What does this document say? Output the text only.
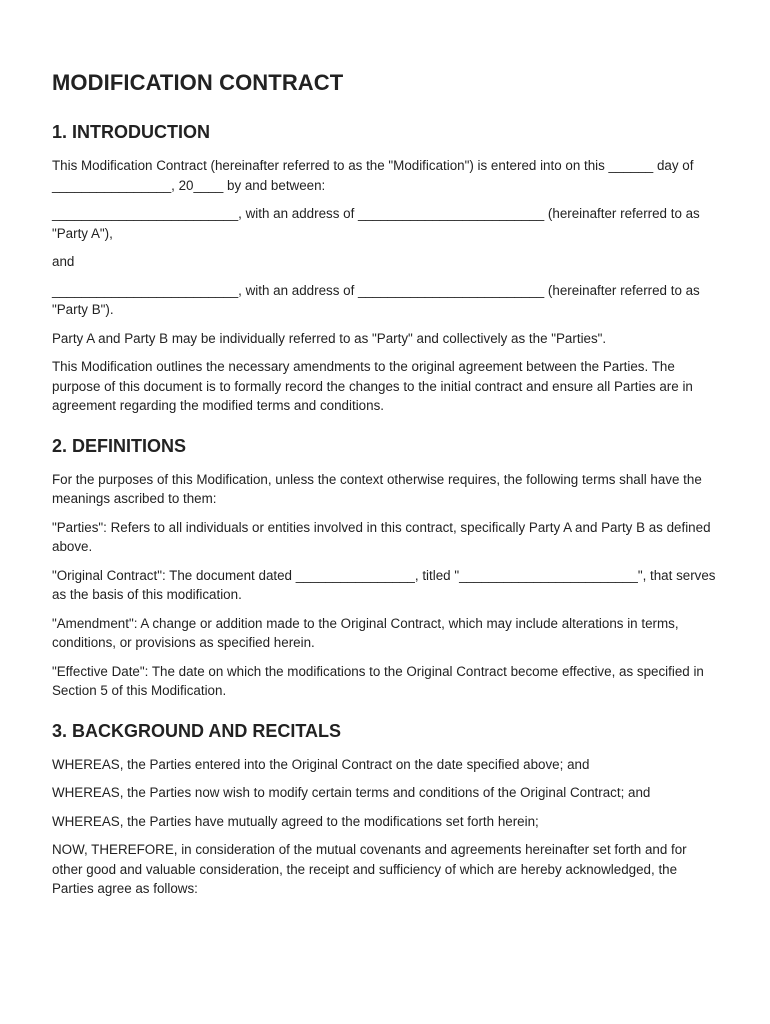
MODIFICATION CONTRACT
1. INTRODUCTION

This Modification Contract (hereinafter referred to as the "Modification") is entered into on this ______ day of ________________, 20____ by and between:

_________________________, with an address of _________________________ (hereinafter referred to as "Party A"),

and

_________________________, with an address of _________________________ (hereinafter referred to as "Party B").

Party A and Party B may be individually referred to as "Party" and collectively as the "Parties".

This Modification outlines the necessary amendments to the original agreement between the Parties. The purpose of this document is to formally record the changes to the initial contract and ensure all Parties are in agreement regarding the modified terms and conditions.

2. DEFINITIONS

For the purposes of this Modification, unless the context otherwise requires, the following terms shall have the meanings ascribed to them:

"Parties": Refers to all individuals or entities involved in this contract, specifically Party A and Party B as defined above.

"Original Contract": The document dated ________________, titled "________________________", that serves as the basis of this modification.

"Amendment": A change or addition made to the Original Contract, which may include alterations in terms, conditions, or provisions as specified herein.

"Effective Date": The date on which the modifications to the Original Contract become effective, as specified in Section 5 of this Modification.

3. BACKGROUND AND RECITALS

WHEREAS, the Parties entered into the Original Contract on the date specified above; and

WHEREAS, the Parties now wish to modify certain terms and conditions of the Original Contract; and

WHEREAS, the Parties have mutually agreed to the modifications set forth herein;

NOW, THEREFORE, in consideration of the mutual covenants and agreements hereinafter set forth and for other good and valuable consideration, the receipt and sufficiency of which are hereby acknowledged, the Parties agree as follows:
